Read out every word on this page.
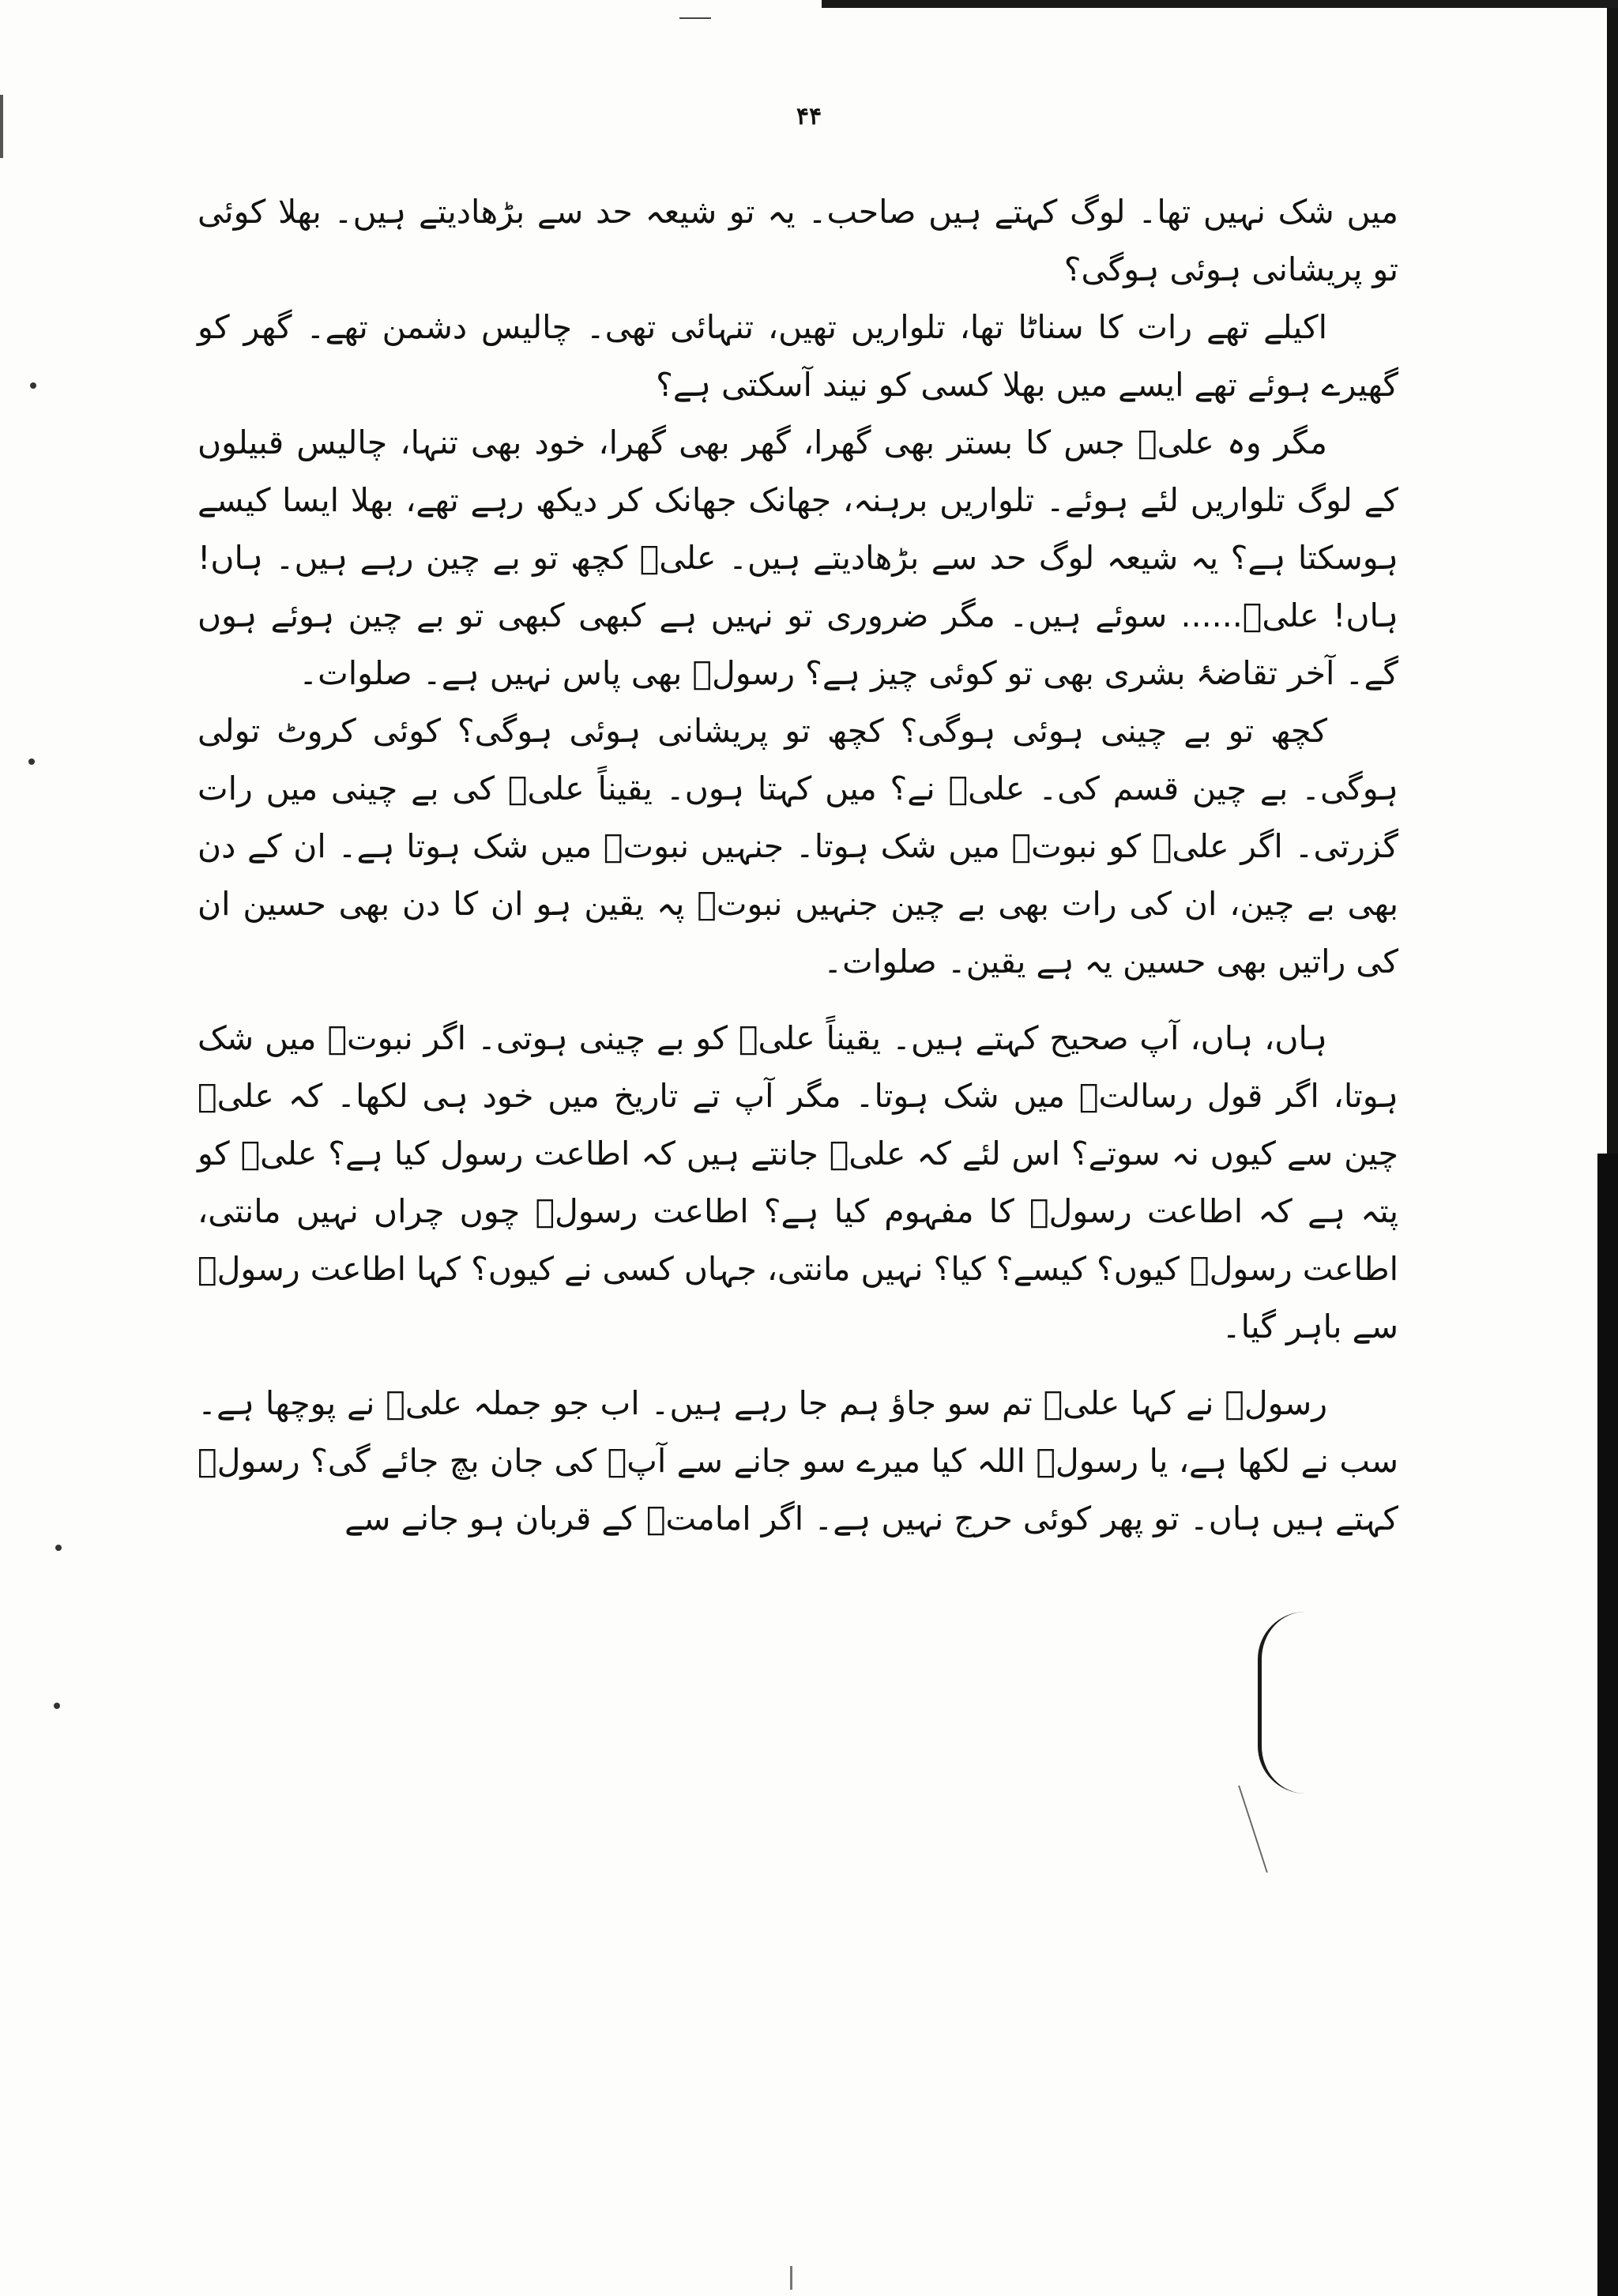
۴۴

میں شک نہیں تھا۔ لوگ کہتے ہیں صاحب۔ یہ تو شیعہ حد سے بڑھادیتے ہیں۔ بھلا کوئی تو پریشانی ہوئی ہوگی؟

اکیلے تھے رات کا سناٹا تھا، تلواریں تھیں، تنہائی تھی۔ چالیس دشمن تھے۔ گھر کو گھیرے ہوئے تھے ایسے میں بھلا کسی کو نیند آسکتی ہے؟

مگر وہ علیؑ جس کا بستر بھی گھرا، گھر بھی گھرا، خود بھی تنہا، چالیس قبیلوں کے لوگ تلواریں لئے ہوئے۔ تلواریں برہنہ، جھانک جھانک کر دیکھ رہے تھے، بھلا ایسا کیسے ہوسکتا ہے؟ یہ شیعہ لوگ حد سے بڑھادیتے ہیں۔ علیؑ کچھ تو بے چین رہے ہیں۔ ہاں! ہاں! علیؑ...... سوئے ہیں۔ مگر ضروری تو نہیں ہے کبھی کبھی تو بے چین ہوئے ہوں گے۔ آخر تقاضۂ بشری بھی تو کوئی چیز ہے؟ رسولؐ بھی پاس نہیں ہے۔ صلوات۔

کچھ تو بے چینی ہوئی ہوگی؟ کچھ تو پریشانی ہوئی ہوگی؟ کوئی کروٹ تولی ہوگی۔ بے چین قسم کی۔ علیؑ نے؟ میں کہتا ہوں۔ یقیناً علیؑ کی بے چینی میں رات گزرتی۔ اگر علیؑ کو نبوتؐ میں شک ہوتا۔ جنہیں نبوتؐ میں شک ہوتا ہے۔ ان کے دن بھی بے چین، ان کی رات بھی بے چین جنہیں نبوتؐ پہ یقین ہو ان کا دن بھی حسین ان کی راتیں بھی حسین یہ ہے یقین۔ صلوات۔

ہاں، ہاں، آپ صحیح کہتے ہیں۔ یقیناً علیؑ کو بے چینی ہوتی۔ اگر نبوتؐ میں شک ہوتا، اگر قول رسالتؐ میں شک ہوتا۔ مگر آپ تے تاریخ میں خود ہی لکھا۔ کہ علیؑ چین سے کیوں نہ سوتے؟ اس لئے کہ علیؑ جانتے ہیں کہ اطاعت رسول کیا ہے؟ علیؑ کو پتہ ہے کہ اطاعت رسولؐ کا مفہوم کیا ہے؟ اطاعت رسولؐ چوں چراں نہیں مانتی، اطاعت رسولؐ کیوں؟ کیسے؟ کیا؟ نہیں مانتی، جہاں کسی نے کیوں؟ کہا اطاعت رسولؐ سے باہر گیا۔

رسولؐ نے کہا علیؑ تم سو جاؤ ہم جا رہے ہیں۔ اب جو جملہ علیؑ نے پوچھا ہے۔ سب نے لکھا ہے، یا رسولؐ اللہ کیا میرے سو جانے سے آپؐ کی جان بچ جائے گی؟ رسولؐ کہتے ہیں ہاں۔ تو پھر کوئی حرج نہیں ہے۔ اگر امامتؑ کے قربان ہو جانے سے
